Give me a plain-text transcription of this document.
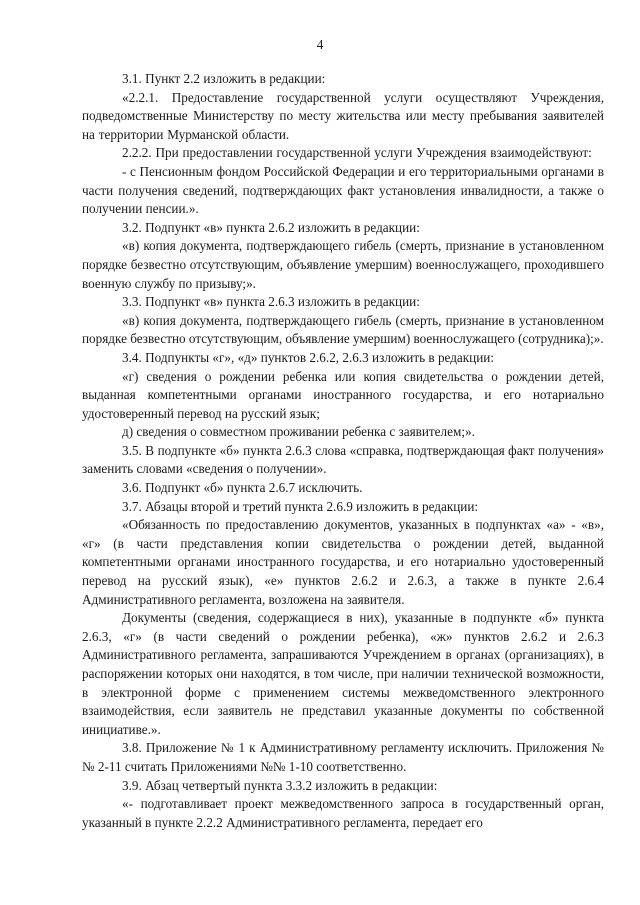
4

3.1. Пункт 2.2 изложить в редакции:

«2.2.1. Предоставление государственной услуги осуществляют Учреждения, подведомственные Министерству по месту жительства или месту пребывания заявителей на территории Мурманской области.

2.2.2. При предоставлении государственной услуги Учреждения взаимодействуют:

- с Пенсионным фондом Российской Федерации и его территориальными органами в части получения сведений, подтверждающих факт установления инвалидности, а также о получении пенсии.».

3.2. Подпункт «в» пункта 2.6.2 изложить в редакции:

«в) копия документа, подтверждающего гибель (смерть, признание в установленном порядке безвестно отсутствующим, объявление умершим) военнослужащего, проходившего военную службу по призыву;».

3.3. Подпункт «в» пункта 2.6.3 изложить в редакции:

«в) копия документа, подтверждающего гибель (смерть, признание в установленном порядке безвестно отсутствующим, объявление умершим) военнослужащего (сотрудника);».

3.4. Подпункты «г», «д» пунктов 2.6.2, 2.6.3 изложить в редакции:

«г) сведения о рождении ребенка или копия свидетельства о рождении детей, выданная компетентными органами иностранного государства, и его нотариально удостоверенный перевод на русский язык;

д) сведения о совместном проживании ребенка с заявителем;».

3.5. В подпункте «б» пункта 2.6.3 слова «справка, подтверждающая факт получения» заменить словами «сведения о получении».

3.6. Подпункт «б» пункта 2.6.7 исключить.

3.7. Абзацы второй и третий пункта 2.6.9 изложить в редакции:

«Обязанность по предоставлению документов, указанных в подпунктах «а» - «в», «г» (в части представления копии свидетельства о рождении детей, выданной компетентными органами иностранного государства, и его нотариально удостоверенный перевод на русский язык), «е» пунктов 2.6.2 и 2.6.3, а также в пункте 2.6.4 Административного регламента, возложена на заявителя.

Документы (сведения, содержащиеся в них), указанные в подпункте «б» пункта 2.6.3, «г» (в части сведений о рождении ребенка), «ж» пунктов 2.6.2 и 2.6.3 Административного регламента, запрашиваются Учреждением в органах (организациях), в распоряжении которых они находятся, в том числе, при наличии технической возможности, в электронной форме с применением системы межведомственного электронного взаимодействия, если заявитель не представил указанные документы по собственной инициативе.».

3.8. Приложение № 1 к Административному регламенту исключить. Приложения №№ 2-11 считать Приложениями №№ 1-10 соответственно.

3.9. Абзац четвертый пункта 3.3.2 изложить в редакции:

«- подготавливает проект межведомственного запроса в государственный орган, указанный в пункте 2.2.2 Административного регламента, передает его
